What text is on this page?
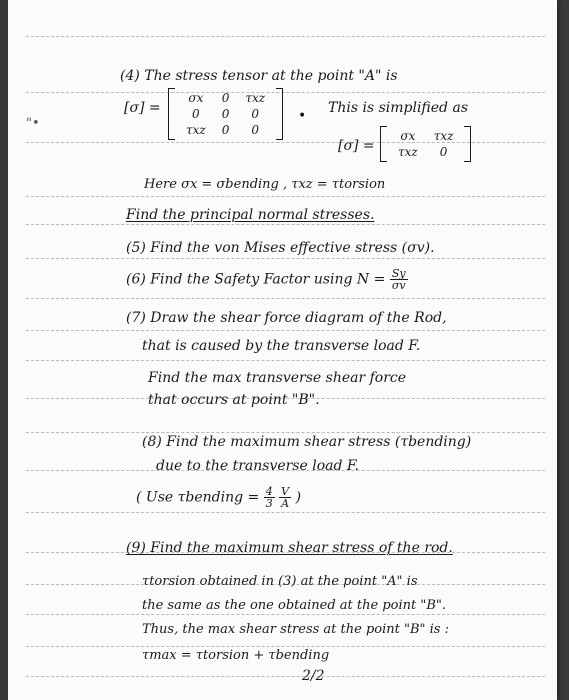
"•
(4) The stress tensor at the point "A" is
[σ] =
σx	0	τxz
0	0	0
τxz	0	0
• This is simplified as
[σ] =
σx	τxz
τxz	0
Here σx = σbending , τxz = τtorsion
Find the principal normal stresses.
(5) Find the von Mises effective stress (σv).
(6) Find the Safety Factor using $N = \frac{Sy}{\sigma v}$
(7) Draw the shear force diagram of the Rod,
that is caused by the transverse load F.
Find the max transverse shear force
that occurs at point "B".
(8) Find the maximum shear stress (τbending)
due to the transverse load F.
( Use τbending = $\frac{4}{3}$
$\frac{V}{A}$ )
(9) Find the maximum shear stress of the rod.
τtorsion obtained in (3) at the point "A" is
the same as the one obtained at the point "B".
Thus, the max shear stress at the point "B" is :
τmax = τtorsion + τbending
2/2
